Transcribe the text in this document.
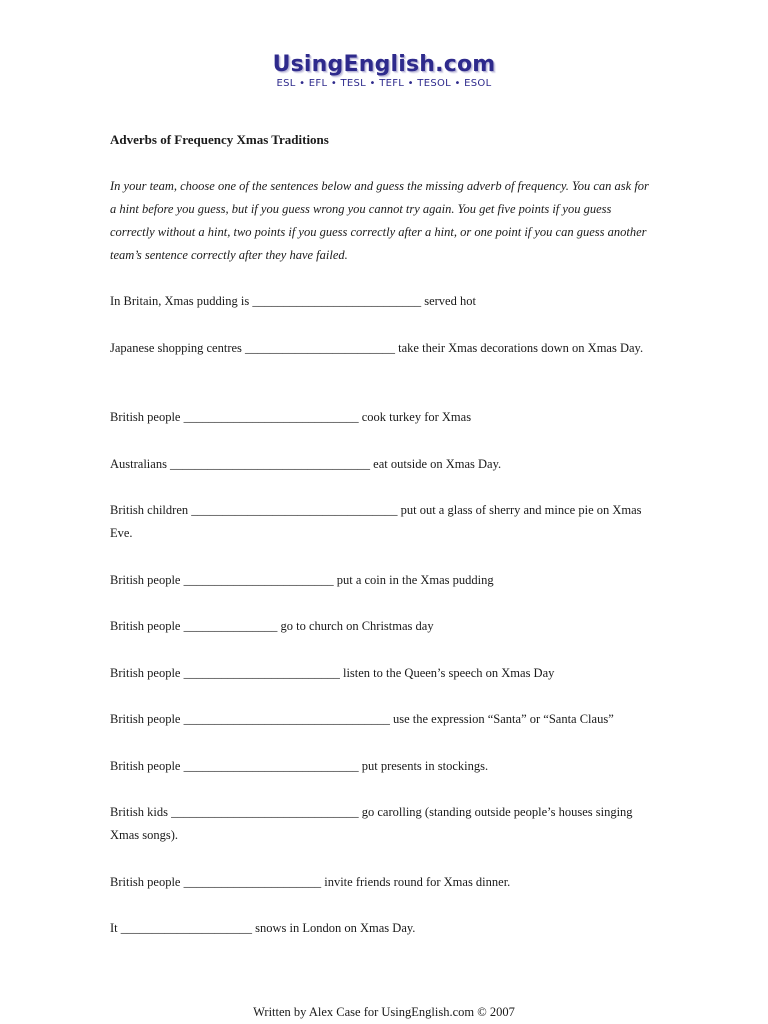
UsingEnglish.com
ESL • EFL • TESL • TEFL • TESOL • ESOL
Adverbs of Frequency Xmas Traditions

In your team, choose one of the sentences below and guess the missing adverb of frequency. You can ask for a hint before you guess, but if you guess wrong you cannot try again. You get five points if you guess correctly without a hint, two points if you guess correctly after a hint, or one point if you can guess another team’s sentence correctly after they have failed.

In Britain, Xmas pudding is ___________________________ served hot

Japanese shopping centres ________________________ take their Xmas decorations down on Xmas Day.

British people ____________________________ cook turkey for Xmas

Australians ________________________________ eat outside on Xmas Day.

British children _________________________________ put out a glass of sherry and mince pie on Xmas Eve.

British people ________________________ put a coin in the Xmas pudding

British people _______________ go to church on Christmas day

British people _________________________ listen to the Queen’s speech on Xmas Day

British people _________________________________ use the expression “Santa” or “Santa Claus”

British people ____________________________ put presents in stockings.

British kids ______________________________ go carolling (standing outside people’s houses singing Xmas songs).

British people ______________________ invite friends round for Xmas dinner.

It _____________________ snows in London on Xmas Day.

Written by Alex Case for UsingEnglish.com © 2007
